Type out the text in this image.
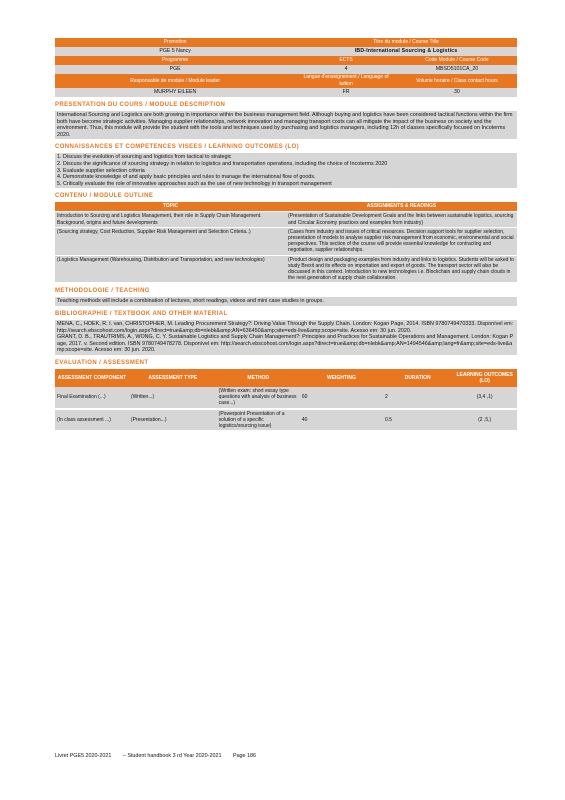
Promotion	Titre du module / Course Title	
PGE 5 Nancy	IBD-International Sourcing & Logistics	
Programme	ECTS	Code Module / Course Code
PGE	4	MBSD5101CA_20
Responsable de module / Module leader	Langue d'enseignement / Language of tuition	Volume horaire / Class contact hours
MURPHY EILEEN	FR	30
PRESENTATION DU COURS / MODULE DESCRIPTION
International Sourcing and Logistics are both growing in importance within the business management field. Although buying and logistics have been considered tactical functions within the firm both have become strategic activities. Managing supplier relationships, network innovation and managing transport costs can all mitigate the impact of the business on society and the environment. Thus, this module will provide the student with the tools and techniques used by purchasing and logistics managers, including 12h of classes specifically focused on Incoterms 2020.
CONNAISSANCES ET COMPETENCES VISEES / LEARNING OUTCOMES (LO)

1. Discuss the evolution of sourcing and logistics from tactical to strategic

2. Discuss the significance of sourcing strategy in relation to logistics and transportation operations, including the choice of Incoterms 2020

3. Evaluate supplier selection criteria

4. Demonstrate knowledge of and apply basic principles and rules to manage the international flow of goods.

5. Critically evaluate the role of innovative approaches such as the use of new technology in transport management

CONTENU / MODULE OUTLINE
TOPIC	ASSIGNMENTS & READINGS
Introduction to Sourcing and Logistics Management, their role in Supply Chain Management. Background, origins and future developments	(Presentation of Sustainable Development Goals and the links between sustainable logistics, sourcing and Circular Economy practices and examples from industry)
(Sourcing strategy, Cost Reduction, Supplier Risk Management and Selection Criteria..)	(Cases from industry and issues of critical resources. Decision support tools for supplier selection, presentation of models to analyse supplier risk management from economic, environmental and social perspectives. This section of the course will provide essential knowledge for contracting and negotiation, supplier relationships.
(Logistics Management (Warehousing, Distribution and Transportation, and new technologies)	(Product design and packaging examples from industry and links to logistics. Students will be asked to study Brexit and its effects on importation and export of goods. The transport sector will also be discussed in this context. Introduction to new technologies i.e. Blockchain and supply chain clouds in the next generation of supply chain collaboration.
METHODOLOGIE / TEACHING
Teaching methods will include a combination of lectures, short readings, videos and mini case studies in groups.
BIBLIOGRAPHIE / TEXTBOOK AND OTHER MATERIAL

MENA, C., HOEK, R. I. van, CHRISTOPHER, M. Leading Procurement Strategy?: Driving Value Through the Supply Chain. London: Kogan Page, 2014. ISBN 9780749470333. Disponível em: http://search.ebscohost.com/login.aspx?direct=true&amp;db=nlebk&amp;AN=636450&amp;site=eds-live&amp;scope=site. Acesso em: 30 jun. 2020.

GRANT, D. B., TRAUTRIMS, A., WONG, C. Y. Sustainable Logistics and Supply Chain Management?: Principles and Practices for Sustainable Operations and Management. London: Kogan Page, 2017. v. Second edition. ISBN 9780749478278. Disponível em: http://search.ebscohost.com/login.aspx?direct=true&amp;db=nlebk&amp;AN=1494546&amp;lang=fr&amp;site=eds-live&amp;scope=site. Acesso em: 30 jun. 2020.

EVALUATION / ASSESSMENT
ASSESSMENT COMPONENT	ASSESSMENT TYPE	METHOD	WEIGHTING	DURATION	LEARNING OUTCOMES (LO)
Final Examination (...)	(Written...)	(Written exam: short essay type questions with analysis of business case...)	60	2	(3,4 ,1)
(In class assessment ...)	(Presentation...)	(Powerpoint Presentation of a solution of a specific logistics/sourcing issue)	40	0.5	(2 ,5,)
Livret PGE5 2020-2021 – Student handbook 3 rd Year 2020-2021 Page 186
